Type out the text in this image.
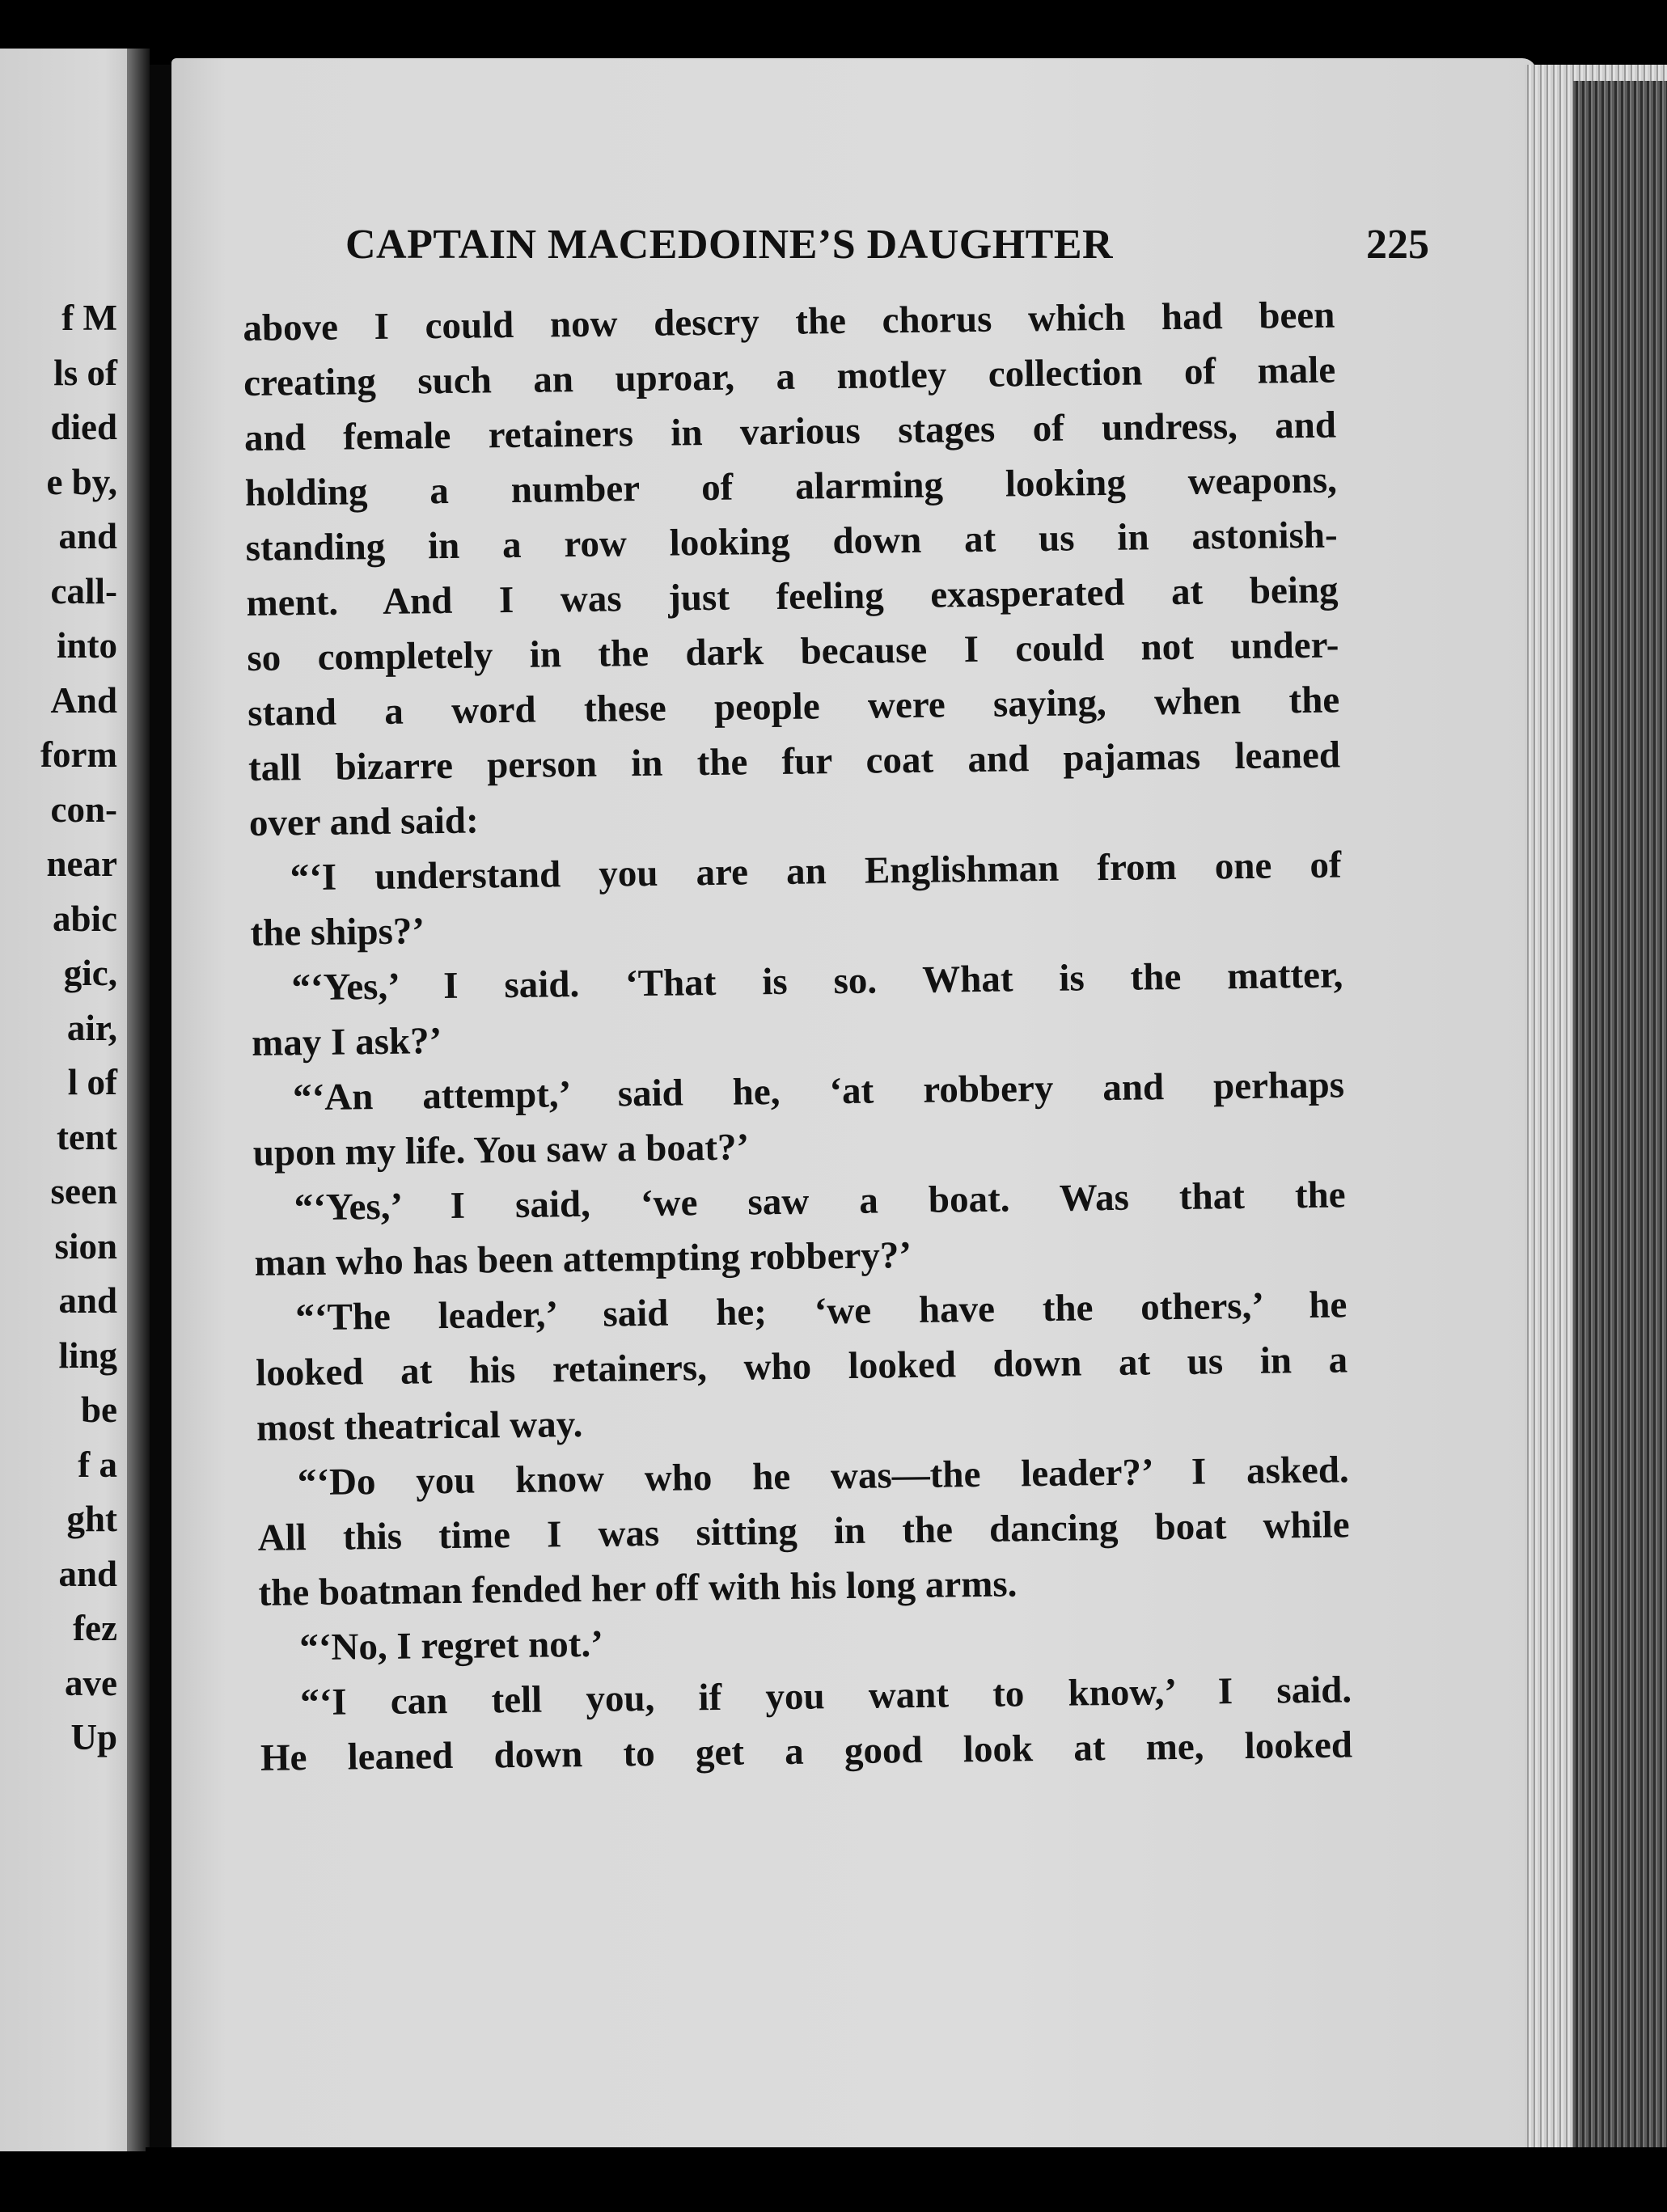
f M
ls of
died
e by,
and
call-
into
And
form
con-
near
abic
gic,
air,
l of
tent
seen
sion
and
ling
be
f a
ght
and
fez
ave
Up
CAPTAIN MACEDOINE’S DAUGHTER	225
above I could now descry the chorus which had been
creating such an uproar, a motley collection of male
and female retainers in various stages of undress, and
holding a number of alarming looking weapons,
standing in a row looking down at us in astonish-
ment. And I was just feeling exasperated at being
so completely in the dark because I could not under-
stand a word these people were saying, when the
tall bizarre person in the fur coat and pajamas leaned
over and said:
“‘I understand you are an Englishman from one of
the ships?’
“‘Yes,’ I said. ‘That is so. What is the matter,
may I ask?’
“‘An attempt,’ said he, ‘at robbery and perhaps
upon my life. You saw a boat?’
“‘Yes,’ I said, ‘we saw a boat. Was that the
man who has been attempting robbery?’
“‘The leader,’ said he; ‘we have the others,’ he
looked at his retainers, who looked down at us in a
most theatrical way.
“‘Do you know who he was—the leader?’ I asked.
All this time I was sitting in the dancing boat while
the boatman fended her off with his long arms.
“‘No, I regret not.’
“‘I can tell you, if you want to know,’ I said.
He leaned down to get a good look at me, looked
